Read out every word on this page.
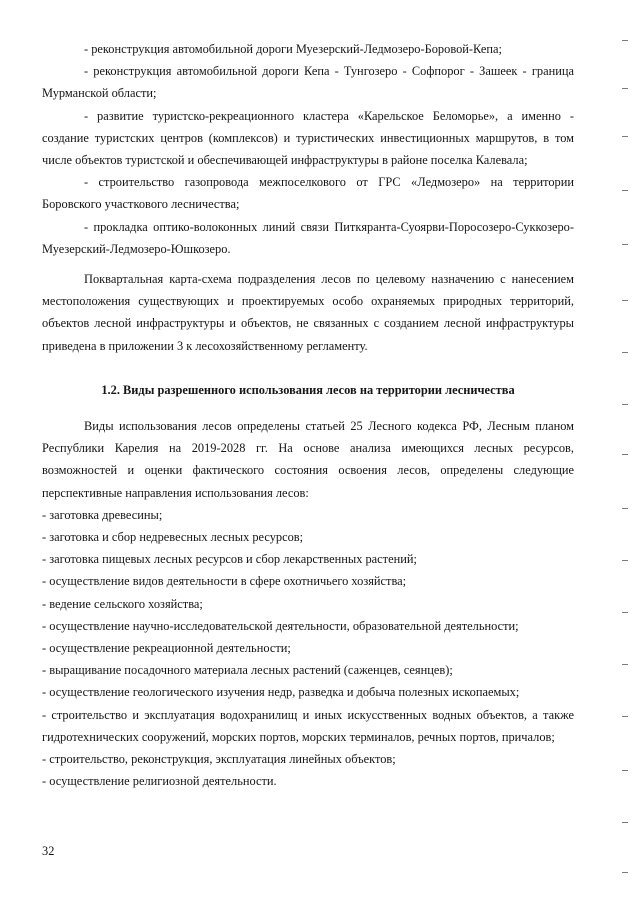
- реконструкция автомобильной дороги Муезерский-Ледмозеро-Боровой-Кепа;

- реконструкция автомобильной дороги Кепа - Тунгозеро - Софпорог - Зашеек - граница Мурманской области;

- развитие туристско-рекреационного кластера «Карельское Беломорье», а именно - создание туристских центров (комплексов) и туристических инвестиционных маршрутов, в том числе объектов туристской и обеспечивающей инфраструктуры в районе поселка Калевала;

- строительство газопровода межпоселкового от ГРС «Ледмозеро» на территории Боровского участкового лесничества;

- прокладка оптико-волоконных линий связи Питкяранта-Суоярви-Поросозеро-Суккозеро-Муезерский-Ледмозеро-Юшкозеро.

Поквартальная карта-схема подразделения лесов по целевому назначению с нанесением местоположения существующих и проектируемых особо охраняемых природных территорий, объектов лесной инфраструктуры и объектов, не связанных с созданием лесной инфраструктуры приведена в приложении 3 к лесохозяйственному регламенту.

1.2. Виды разрешенного использования лесов на территории лесничества

Виды использования лесов определены статьей 25 Лесного кодекса РФ, Лесным планом Республики Карелия на 2019-2028 гг. На основе анализа имеющихся лесных ресурсов, возможностей и оценки фактического состояния освоения лесов, определены следующие перспективные направления использования лесов:

- заготовка древесины;

- заготовка и сбор недревесных лесных ресурсов;

- заготовка пищевых лесных ресурсов и сбор лекарственных растений;

- осуществление видов деятельности в сфере охотничьего хозяйства;

- ведение сельского хозяйства;

- осуществление научно-исследовательской деятельности, образовательной деятельности;

- осуществление рекреационной деятельности;

- выращивание посадочного материала лесных растений (саженцев, сеянцев);

- осуществление геологического изучения недр, разведка и добыча полезных ископаемых;

- строительство и эксплуатация водохранилищ и иных искусственных водных объектов, а также гидротехнических сооружений, морских портов, морских терминалов, речных портов, причалов;

- строительство, реконструкция, эксплуатация линейных объектов;

- осуществление религиозной деятельности.

32
